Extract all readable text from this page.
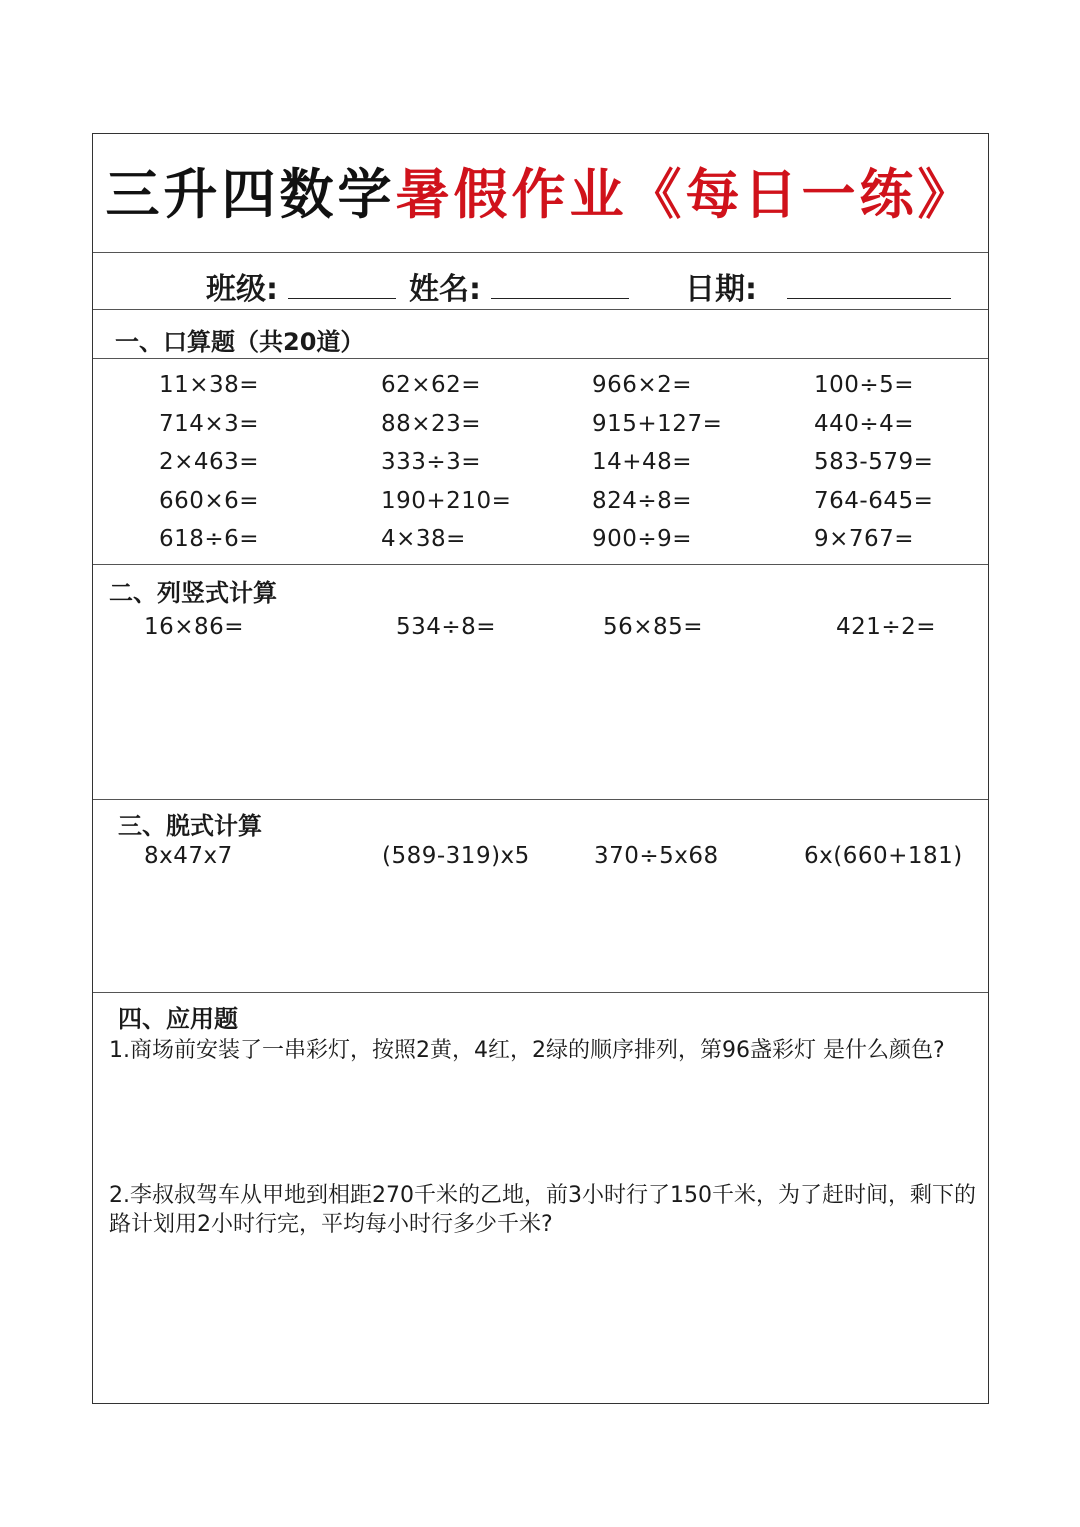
三升四数学暑假作业《每日一练》
班级:	姓名:	日期:
一、口算题（共20道）
11×38=	62×62=	966×2=	100÷5=
714×3=	88×23=	915+127=	440÷4=
2×463=	333÷3=	14+48=	583-579=
660×6=	190+210=	824÷8=	764-645=
618÷6=	4×38=	900÷9=	9×767=
二、列竖式计算
16×86=	534÷8=	56×85=	421÷2=
三、脱式计算
8x47x7	(589-319)x5	370÷5x68	6x(660+181)
四、应用题
1.商场前安装了一串彩灯，按照2黄，4红，2绿的顺序排列，第96盏彩灯 是什么颜色?
2.李叔叔驾车从甲地到相距270千米的乙地，前3小时行了150千米，为了赶时间，剩下的路计划用2小时行完，平均每小时行多少千米?
